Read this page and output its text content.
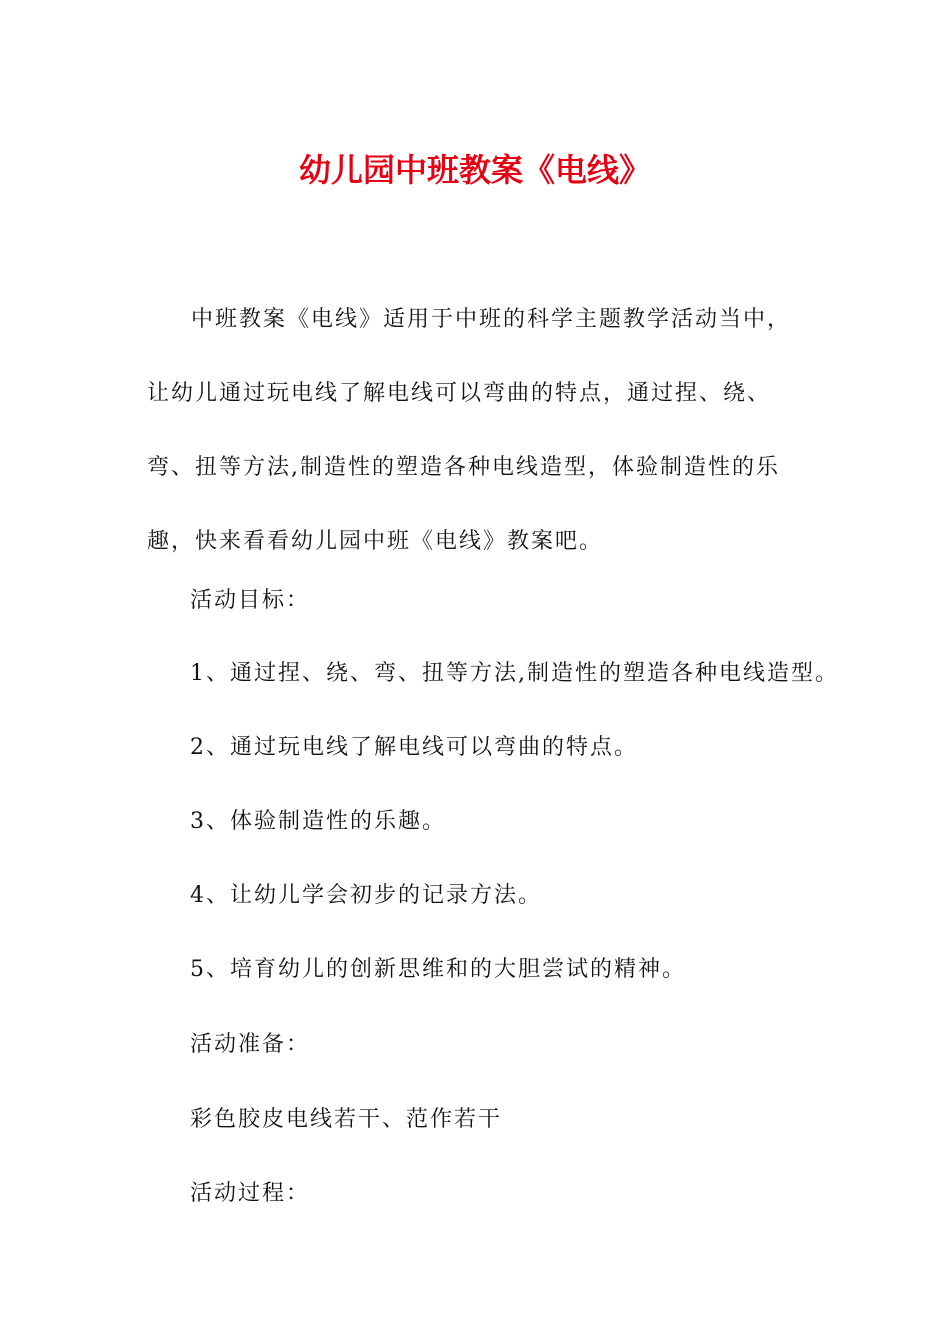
幼儿园中班教案《电线》

中班教案《电线》适用于中班的科学主题教学活动当中，让幼儿通过玩电线了解电线可以弯曲的特点，通过捏、绕、弯、扭等方法,制造性的塑造各种电线造型，体验制造性的乐趣，快来看看幼儿园中班《电线》教案吧。

活动目标：

1、通过捏、绕、弯、扭等方法,制造性的塑造各种电线造型。

2、通过玩电线了解电线可以弯曲的特点。

3、体验制造性的乐趣。

4、让幼儿学会初步的记录方法。

5、培育幼儿的创新思维和的大胆尝试的精神。

活动准备：

彩色胶皮电线若干、范作若干

活动过程：
